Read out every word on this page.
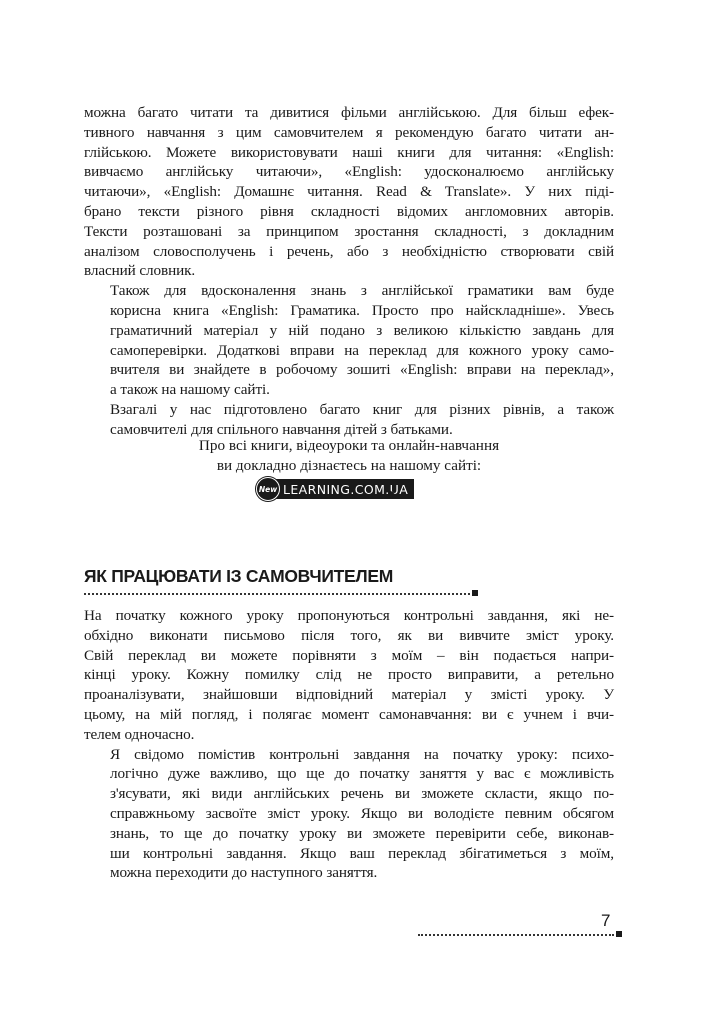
можна багато читати та дивитися фільми англійською. Для більш ефек-
тивного навчання з цим самовчителем я рекомендую багато читати ан-
глійською. Можете використовувати наші книги для читання: «English:
вивчаємо англійську читаючи», «English: удосконалюємо англійську
читаючи», «English: Домашнє читання. Read & Translate». У них піді-
брано тексти різного рівня складності відомих англомовних авторів.
Тексти розташовані за принципом зростання складності, з докладним
аналізом словосполучень і речень, або з необхідністю створювати свій
власний словник.
Також для вдосконалення знань з англійської граматики вам буде
корисна книга «English: Граматика. Просто про найскладніше». Увесь
граматичний матеріал у ній подано з великою кількістю завдань для
самоперевірки. Додаткові вправи на переклад для кожного уроку само-
вчителя ви знайдете в робочому зошиті «English: вправи на переклад»,
а також на нашому сайті.
Взагалі у нас підготовлено багато книг для різних рівнів, а також
самовчителі для спільного навчання дітей з батьками.
Про всі книги, відеоуроки та онлайн-навчання
ви докладно дізнаєтесь на нашому сайті:
New LEARNING .COM.UA
ЯК ПРАЦЮВАТИ ІЗ САМОВЧИТЕЛЕМ
На початку кожного уроку пропонуються контрольні завдання, які не-
обхідно виконати письмово після того, як ви вивчите зміст уроку.
Свій переклад ви можете порівняти з моїм – він подається напри-
кінці уроку. Кожну помилку слід не просто виправити, а ретельно
проаналізувати, знайшовши відповідний матеріал у змісті уроку. У
цьому, на мій погляд, і полягає момент самонавчання: ви є учнем і вчи-
телем одночасно.
Я свідомо помістив контрольні завдання на початку уроку: психо-
логічно дуже важливо, що ще до початку заняття у вас є можливість
з'ясувати, які види англійських речень ви зможете скласти, якщо по-
справжньому засвоїте зміст уроку. Якщо ви володієте певним обсягом
знань, то ще до початку уроку ви зможете перевірити себе, виконав-
ши контрольні завдання. Якщо ваш переклад збігатиметься з моїм,
можна переходити до наступного заняття.
7
